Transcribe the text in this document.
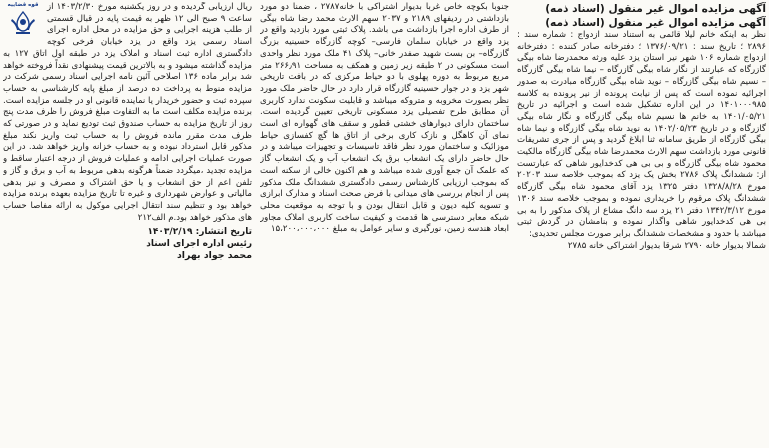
آگهی مزایده اموال غیر منقول (اسناد ذمه)

آگهی مزایده اموال غیر منقول (اسناد ذمه)

نظر به اینکه خانم لیلا قائمی به استناد سند ازدواج : شماره سند : ۲۸۹۶ ؛ تاریخ سند : ۱۳۷۶/۰۹/۲۱ ؛ دفترخانه صادر کننده : دفترخانه ازدواج شماره ۱۰۶ شهر نیر استان یزد علیه ورثه محمدرضا شاه بیگی گازرگاه که عبارتند از نگار شاه بیگی گازرگاه – نیما شاه بیگی گازرگاه – نسیم شاه بیگی گازرگاه – نوید شاه بیگی گازرگاه مبادرت به صدور اجرائیه نموده است که پس از نیابت پرونده از نیر پرونده به کلاسه ۱۴۰۱۰۰۰۹۸۵ در این اداره تشکیل شده است و اجرائیه در تاریخ ۱۴۰۱/۰۵/۲۱ به خانم ها نسیم شاه بیگی گازرگاه و نگار شاه بیگی گازرگاه و در تاریخ ۱۴۰۲/۰۵/۲۳ به نوید شاه بیگی گازرگاه و نیما شاه بیگی گازرگاه از طریق سامانه ثنا ابلاغ گردید و پس از جری تشریفات قانونی مورد بازداشت سهم الارث محمدرضا شاه بیگی گازرگاه مالکیت محمود شاه بیگی گازرگاه و بی بی هی کدخدایور شاهی که عبارتست از: ششدانگ پلاک ۲۷۸۶ بخش یک یزد که بموجب خلاصه سند ۲۰۲۰۳ مورخ ۱۳۲۸/۸/۲۸ دفتر ۱۳۲۵ یزد آقای محمود شاه بیگی گازرگاه ششدانگ پلاک مرقوم را خریداری نموده و بموجب خلاصه سند ۱۳۰۶ مورخ ۱۳۴۲/۳/۱۲ دفتر ۲۱ یزد سه دانگ مشاع از پلاک مذکور را به بی بی هی کدخدایور شاهی واگذار نموده و بنامشان در گردش ثبتی میباشد با حدود و مشخصات ششدانگ برابر صورت مجلس تحدیدی:

شمالا بدیوار خانه ۲۷۹۰ شرقا بدیوار اشتراکی خانه ۲۷۸۵

جنوبا بکوچه خاص غربا بدیوار اشتراکی با خانه۲۷۸۷ ، ضمنا دو مورد بازداشتی در ردیفهای ۲۱۸۹ و ۲۰۳۷ سهم الارث محمد رضا شاه بیگی از طرف اداره اجرا بازداشت می باشد. پلاک ثبتی مورد بازدید واقع در یزد واقع در خیابان سلمان فارسی– کوچه گازرگاه حسینیه بزرگ گازرگاه– بن بست شهید صفدر خانی– پلاک ۴۱ ملک مورد نظر واحدی است مسکونی در ۲ طبقه زیر زمین و همکف به مساحت ۲۶۶٫۹۱ متر مربع مربوط به دوره پهلوی با دو حیاط مرکزی که در بافت تاریخی شهر یزد و در جوار حسینیه گازرگاه قرار دارد در حال حاضر ملک مورد نظر بصورت مخروبه و متروکه میباشد و قابلیت سکونت ندارد کاربری آن مطابق طرح تفصیلی یزد مسکونی تاریخی تعیین گردیده است. ساختمان دارای دیوارهای خشتی قطور و سقف های گهواره ای است نمای آن کاهگل و نازک کاری برخی از اتاق ها گچ کفسازی حیاط موزائیک و ساختمان مورد نظر فاقد تاسیسات و تجهیزات میباشد و در حال حاضر دارای یک انشعاب برق یک انشعاب آب و یک انشعاب گاز که علمک آن جمع آوری شده میباشد و هم اکنون خالی از سکنه است که بموجب ارزیابی کارشناس رسمی دادگستری ششدانگ ملک مذکور پس از انجام بررسی های میدانی با فرض صحت اسناد و مدارک ابرازی و تسویه کلیه دیون و قابل انتقال بودن و با توجه به موقعیت محلی شبکه معابر دسترسی ها قدمت و کیفیت ساخت کاربری املاک مجاور ابعاد هندسه زمین، نورگیری و سایر عوامل به مبلغ ۱۵،۲۰۰،۰۰۰،۰۰۰

قوه قضاییه ریال ارزیابی گردیده و در روز یکشنبه مورخ ۱۴۰۳/۲/۳۰ از ساعت ۹ صبح الی ۱۲ ظهر به قیمت پایه در قبال قسمتی از طلب هزینه اجرایی و حق مزایده در محل اداره اجرای اسناد رسمی یزد واقع در یزد خیابان فرخی کوچه دادگستری اداره ثبت اسناد و املاک یزد در طبقه اول اتاق ۱۲۷ به مزایده گذاشته میشود و به بالاترین قیمت پیشنهادی نقداً فروخته خواهد شد برابر ماده ۱۳۶ اصلاحی آئین نامه اجرایی اسناد رسمی شرکت در مزایده منوط به پرداخت ده درصد از مبلغ پایه کارشناسی به حساب سپرده ثبت و حضور خریدار یا نماینده قانونی او در جلسه مزایده است. برنده مزایده مکلف است ما به التفاوت مبلغ فروش را ظرف مدت پنج روز از تاریخ مزایده به حساب صندوق ثبت تودیع نماید و در صورتی که ظرف مدت مقرر مانده فروش را به حساب ثبت واریز نکند مبلغ مذکور قابل استرداد نبوده و به حساب خزانه واریز خواهد شد. در این صورت عملیات اجرایی ادامه و عملیات فروش از درجه اعتبار ساقط و مزایده تجدید ،میگردد ضمناً هرگونه بدهی مربوط به آب و برق و گاز و تلفن اعم از حق انشعاب و یا حق اشتراک و مصرف و نیز بدهی مالیاتی و عوارض شهرداری و غیره تا تاریخ مزایده بعهده برنده مزایده خواهد بود و تنظیم سند انتقال اجرایی موکول به ارائه مفاصا حساب های مذکور خواهد بود.م الف۲۱۲

تاریخ انتشار: ۱۴۰۳/۲/۱۹
رئیس اداره اجرای اسناد
محمد جواد بهراد
